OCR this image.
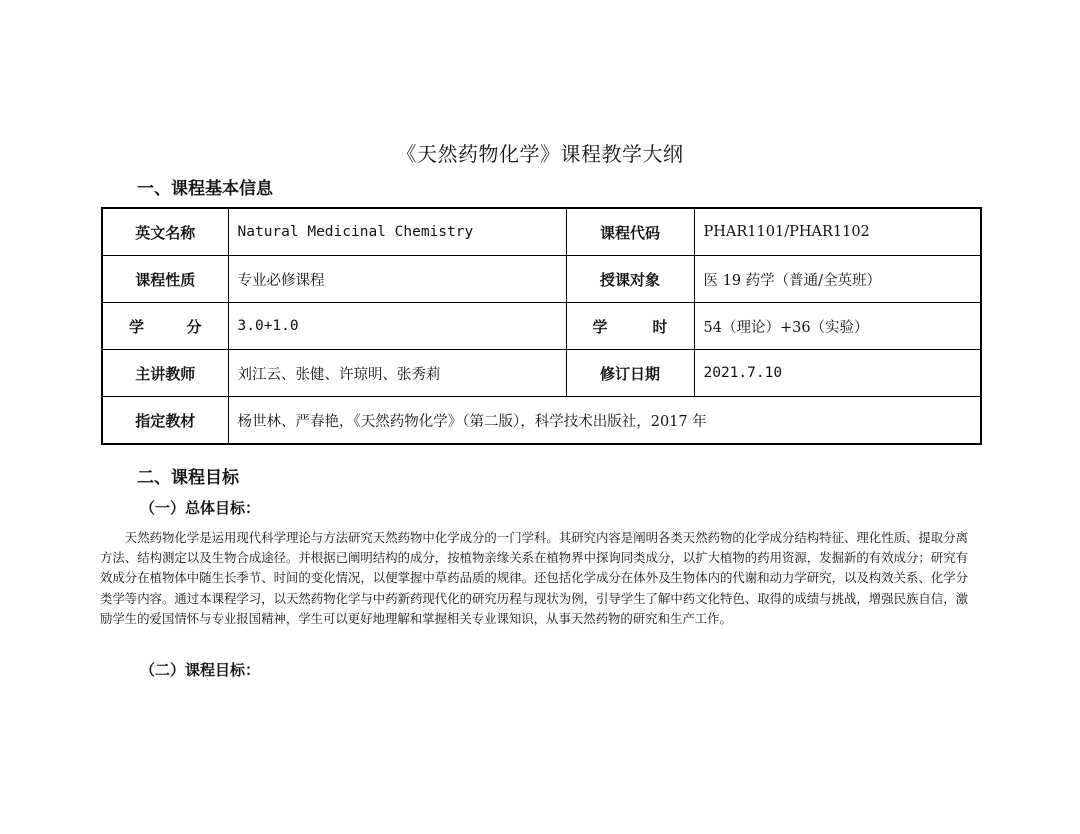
《天然药物化学》课程教学大纲
一、课程基本信息
英文名称	Natural Medicinal Chemistry	课程代码	PHAR1101/PHAR1102
课程性质	专业必修课程	授课对象	医 19 药学（普通/全英班）
学分	3.0+1.0	学时	54（理论）+36（实验）
主讲教师	刘江云、张健、许琼明、张秀莉	修订日期	2021.7.10
指定教材	杨世林、严春艳，《天然药物化学》（第二版），科学技术出版社，2017 年		
二、课程目标
（一）总体目标：

天然药物化学是运用现代科学理论与方法研究天然药物中化学成分的一门学科。其研究内容是阐明各类天然药物的化学成分结构特征、理化性质、提取分离方法、结构测定以及生物合成途径。并根据已阐明结构的成分，按植物亲缘关系在植物界中探询同类成分，以扩大植物的药用资源，发掘新的有效成分；研究有效成分在植物体中随生长季节、时间的变化情况，以便掌握中草药品质的规律。还包括化学成分在体外及生物体内的代谢和动力学研究，以及构效关系、化学分类学等内容。通过本课程学习，以天然药物化学与中药新药现代化的研究历程与现状为例，引导学生了解中药文化特色、取得的成绩与挑战，增强民族自信，激励学生的爱国情怀与专业报国精神，学生可以更好地理解和掌握相关专业课知识，从事天然药物的研究和生产工作。

（二）课程目标：
